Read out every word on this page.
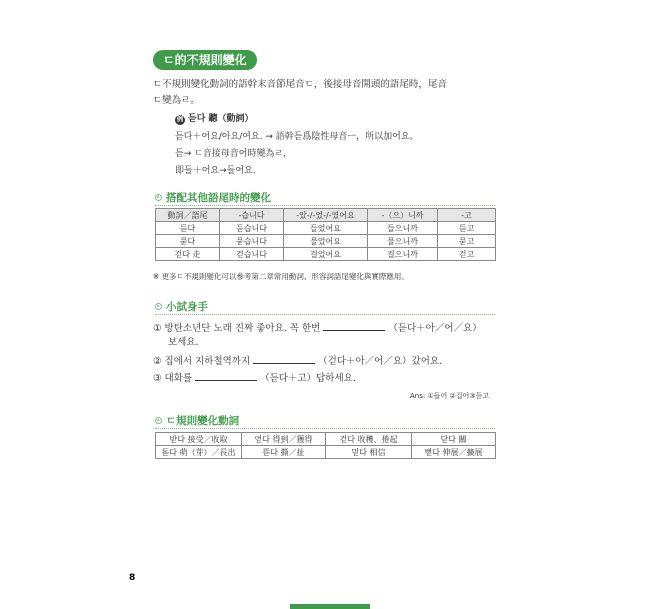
ㄷ的不規則變化
ㄷ不規則變化動詞的語幹末音節尾音ㄷ，後接母音開頭的語尾時，尾音
ㄷ變為ㄹ。
例 듣다 聽（動詞）
듣다＋어요/아요/여요. → 語幹듣爲陰性母音ㅡ，所以加어요。
듣→ ㄷ音接母音어時變為ㄹ，
即들＋어요→들어요.
搭配其他語尾時的變化
動詞／語尾	-습니다	-았-/-었-/-였어요	-（으）니까	-고
듣다	듣습니다	들었어요	들으니까	듣고
묻다	묻습니다	물었어요	물으니까	묻고
걷다 走	걷습니다	걸었어요	걸으니까	걷고
※ 更多ㄷ不規則變化可以參考第二章常用動詞、形容詞語尾變化與實際應用。
小試身手
① 방탄소년단 노래 진짜 좋아요. 꼭 한번	（듣다＋아／어／요）
보세요.
② 집에서 지하철역까지	（걷다＋아／어／요）갔어요.
③ 대화를	（듣다＋고）답하세요.
Ans: ①들어 ②걸어③듣고
ㄷ規則變化動詞
받다 接受／收取	얻다 得到／獲得	걷다 收穫、捲起	닫다 關
돋다 萌（芽）／長出	뜯다 撕／扯	믿다 相信	뻗다 伸展／擴展
8
